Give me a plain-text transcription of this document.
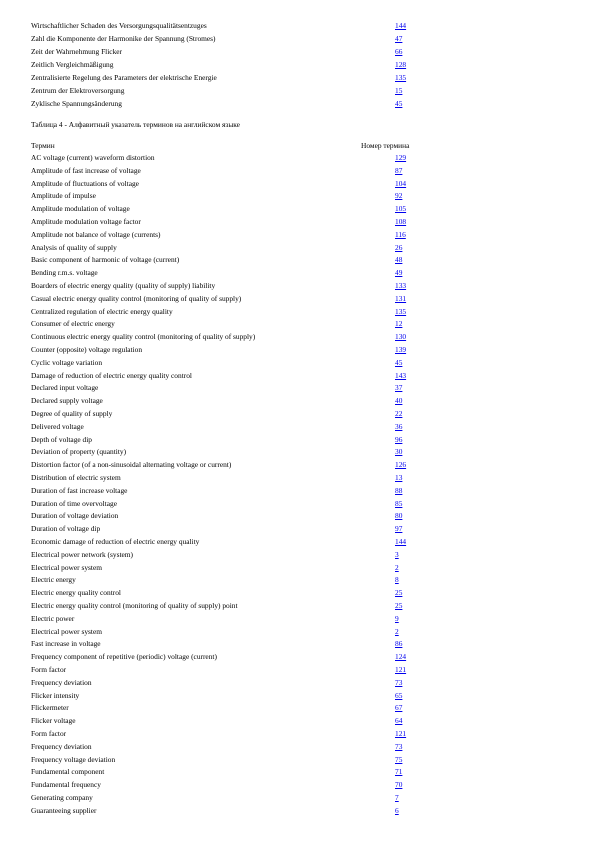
Wirtschaftlicher Schaden des Versorgungsqualitätsentzuges	144
Zahl die Komponente der Harmonike der Spannung (Stromes)	47
Zeit der Wahrnehmung Flicker	66
Zeitlich Vergleichmäßigung	128
Zentralisierte Regelung des Parameters der elektrische Energie	135
Zentrum der Elektroversorgung	15
Zyklische Spannungsänderung	45
Таблица 4 - Алфавитный указатель терминов на английском языке
Термин	Номер термина
AC voltage (current) waveform distortion	129
Amplitude of fast increase of voltage	87
Amplitude of fluctuations of voltage	104
Amplitude of impulse	92
Amplitude modulation of voltage	105
Amplitude modulation voltage factor	108
Amplitude not balance of voltage (currents)	116
Analysis of quality of supply	26
Basic component of harmonic of voltage (current)	48
Bending r.m.s. voltage	49
Boarders of electric energy quality (quality of supply) liability	133
Casual electric energy quality control (monitoring of quality of supply)	131
Centralized regulation of electric energy quality	135
Consumer of electric energy	12
Continuous electric energy quality control (monitoring of quality of supply)	130
Counter (opposite) voltage regulation	139
Cyclic voltage variation	45
Damage of reduction of electric energy quality control	143
Declared input voltage	37
Declared supply voltage	40
Degree of quality of supply	22
Delivered voltage	36
Depth of voltage dip	96
Deviation of property (quantity)	30
Distortion factor (of a non-sinusoidal alternating voltage or current)	126
Distribution of electric system	13
Duration of fast increase voltage	88
Duration of time overvoltage	85
Duration of voltage deviation	80
Duration of voltage dip	97
Economic damage of reduction of electric energy quality	144
Electrical power network (system)	3
Electrical power system	2
Electric energy	8
Electric energy quality control	25
Electric energy quality control (monitoring of quality of supply) point	25
Electric power	9
Electrical power system	2
Fast increase in voltage	86
Frequency component of repetitive (periodic) voltage (current)	124
Form factor	121
Frequency deviation	73
Flicker intensity	65
Flickermeter	67
Flicker voltage	64
Form factor	121
Frequency deviation	73
Frequency voltage deviation	75
Fundamental component	71
Fundamental frequency	70
Generating company	7
Guaranteeing supplier	6
